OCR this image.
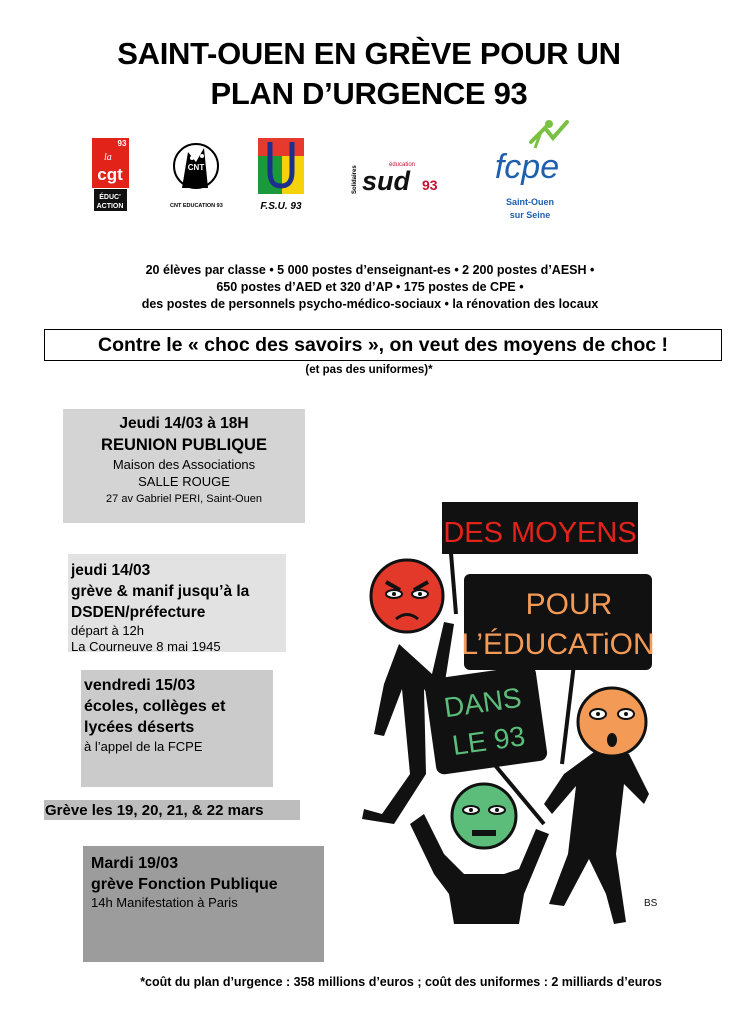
SAINT-OUEN EN GRÈVE POUR UN
PLAN D’URGENCE 93
93
la
cgt
ÉDUC'
ACTION
CNT
CNT EDUCATION 93	F.S.U. 93
Solidaires
éducation
sud 93 fcpe
Saint-Ouen
sur Seine
20 élèves par classe • 5 000 postes d’enseignant-es • 2 200 postes d’AESH •
650 postes d’AED et 320 d’AP • 175 postes de CPE •
des postes de personnels psycho-médico-sociaux • la rénovation des locaux
Contre le « choc des savoirs », on veut des moyens de choc !
(et pas des uniformes)*
Jeudi 14/03 à 18H
REUNION PUBLIQUE
Maison des Associations
SALLE ROUGE
27 av Gabriel PERI, Saint-Ouen
jeudi 14/03
grève & manif jusqu’à la
DSDEN/préfecture
départ à 12h
La Courneuve 8 mai 1945
vendredi 15/03
écoles, collèges et
lycées déserts
à l’appel de la FCPE
Grève les 19, 20, 21, & 22 mars
Mardi 19/03
grève Fonction Publique
14h Manifestation à Paris
DES MOYENS
POUR
L’ÉDUCATiON
DANS
LE 93
BS
*coût du plan d’urgence : 358 millions d’euros ; coût des uniformes : 2 milliards d’euros
